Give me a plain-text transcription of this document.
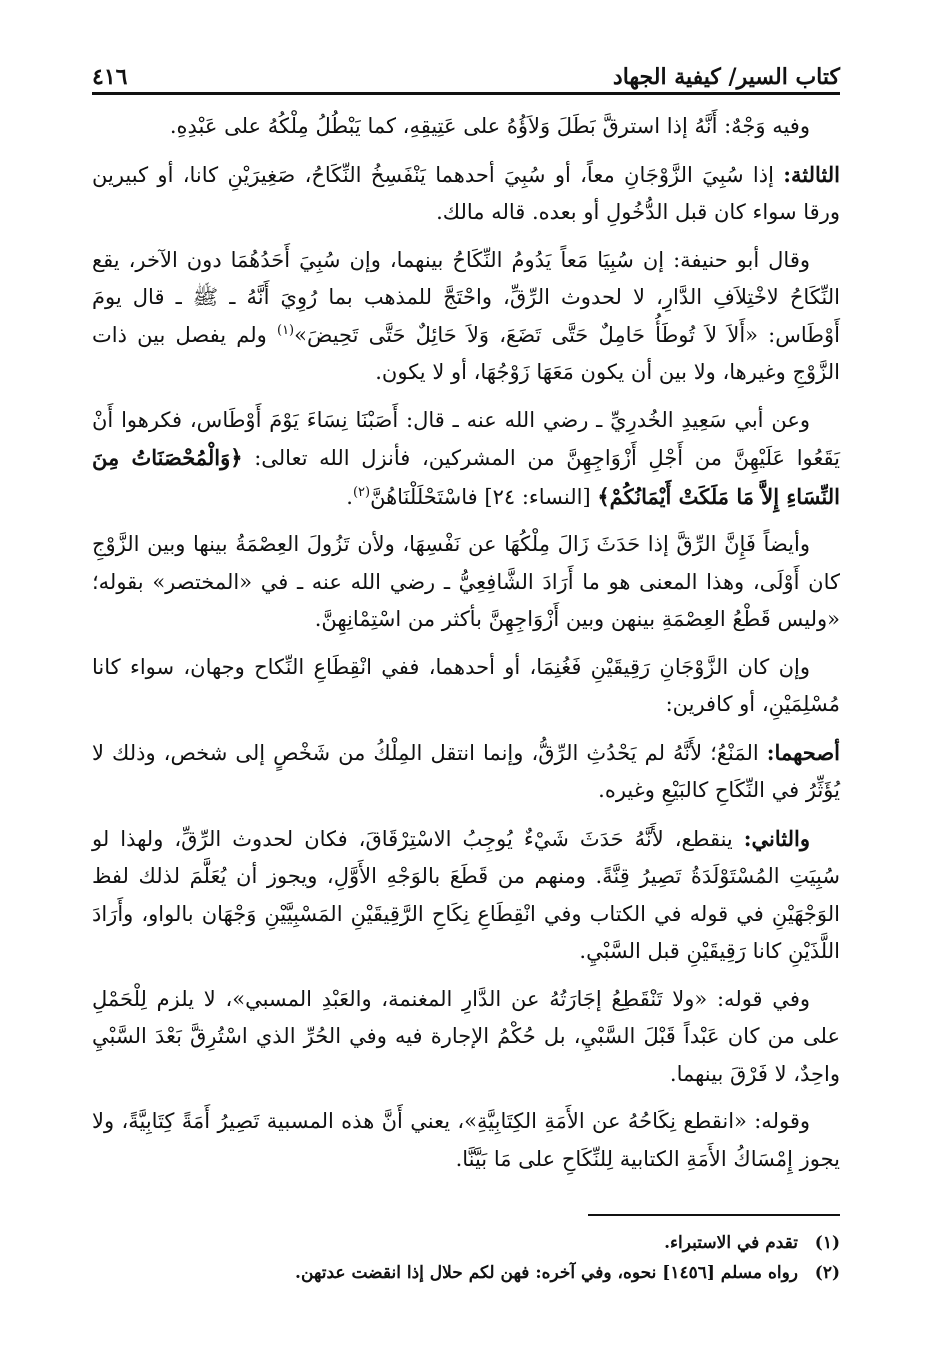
كتاب السير/ كيفية الجهاد
٤١٦

وفيه وَجْهٌ: أَنَّهُ إذا استرقَّ بَطَلَ وَلاَؤُهُ على عَتِيقِهِ، كما يَبْطُلُ مِلْكُهُ على عَبْدِهِ.

الثالثة: إذا سُبِيَ الزَّوْجَانِ معاً، أو سُبِيَ أحدهما يَنْفَسِخُ النِّكَاحُ، صَغِيرَيْنِ كانا، أو كبيرين ورقا سواء كان قبل الدُّخُولِ أو بعده. قاله مالك.

وقال أبو حنيفة: إن سُبِيَا مَعاً يَدُومُ النِّكَاحُ بينهما، وإن سُبِيَ أَحَدُهُمَا دون الآخر، يقع النِّكَاحُ لاخْتِلاَفِ الدَّارِ، لا لحدوث الرِّقِّ، واحْتَجَّ للمذهب بما رُوِيَ أَنَّهُ ـ ﷺ ـ قال يومَ أَوْطَاس: «أَلاَ لاَ تُوطَأُ حَامِلٌ حَتَّى تَضَعَ، وَلاَ حَائِلٌ حَتَّى تَحِيضَ»$^{(١)}$ ولم يفصل بين ذات الزَّوْجِ وغيرها، ولا بين أن يكون مَعَهَا زَوْجُهَا، أو لا يكون.

وعن أبي سَعِيدِ الخُدرِيِّ ـ رضي الله عنه ـ قال: أَصَبْنَا نِسَاءَ يَوْمَ أَوْطَاس، فكرهوا أَنْ يَقَعُوا عَلَيْهِنَّ من أَجْلِ أَزْوَاجِهِنَّ من المشركين، فأنزل الله تعالى: ﴿وَالْمُحْصَنَاتُ مِنَ النِّسَاءِ إِلاَّ مَا مَلَكَتْ أَيْمَانُكُمْ﴾ [النساء: ٢٤] فاسْتَحْلَلْنَاهُنَّ$^{(٢)}$.

وأيضاً فَإِنَّ الرِّقَّ إذا حَدَثَ زَالَ مِلْكُهَا عن نَفْسِهَا، ولأن تَزُولَ العِصْمَةُ بينها وبين الزَّوْجِ كان أَوْلَى، وهذا المعنى هو ما أَرَادَ الشَّافِعِيُّ ـ رضي الله عنه ـ في «المختصر» بقوله؛ «وليس قَطْعُ العِصْمَةِ بينهن وبين أَزْوَاجِهِنَّ بأكثر من اسْتِمْانِهِنَّ.

وإن كان الزَّوْجَانِ رَقِيقَيْنِ فَغُنِمَا، أو أحدهما، ففي انْقِطَاعِ النِّكاح وجهان، سواء كانا مُسْلِمَيْنِ، أو كافرين:

أصحهما: المَنْعُ؛ لأَنَّهُ لم يَحْدُثِ الرِّقُّ، وإنما انتقل المِلْكُ من شَخْصٍ إلى شخص، وذلك لا يُؤَثِّرُ في النِّكَاحِ كالبَيْعِ وغيره.

والثاني: ينقطع، لأَنَّهُ حَدَثَ شَيْءٌ يُوجِبُ الاسْتِرْقَاقَ، فكان لحدوث الرِّقِّ، ولهذا لو سُبِيَتِ المُسْتَوْلَدَةُ تَصِيرُ قِنَّةً. ومنهم من قَطَعَ بالوَجْهِ الأَوَّلِ، ويجوز أن يُعَلَّمَ لذلك لفظ الوَجْهَيْنِ في قوله في الكتاب وفي انْقِطَاعِ نِكَاحِ الرَّقِيقَيْنِ المَسْبِيَّيْنِ وَجْهَان بالواو، وأَرَادَ اللَّذَيْنِ كانا رَقِيقَيْنِ قبل السَّبْيِ.

وفي قوله: «ولا تَنْقَطِعُ إجَارَتُهُ عن الدَّارِ المغنمة، والعَبْدِ المسبي»، لا يلزم لِلْحَمْلِ على من كان عَبْداً قَبْلَ السَّبْيِ، بل حُكْمُ الإجارة فيه وفي الحُرِّ الذي اسْتُرِقَّ بَعْدَ السَّبْيِ واحِدٌ، لا فَرْقَ بينهما.

وقوله: «انقطع نِكَاحُهُ عن الأَمَةِ الكِتَابِيَّةِ»، يعني أَنَّ هذه المسبية تَصِيرُ أَمَةً كِتَابِيَّةً، ولا يجوز إِمْسَاكُ الأَمَةِ الكتابية لِلنِّكَاحِ على مَا بَيَّنَّا.

(١)
تقدم في الاستبراء.
(٢)
رواه مسلم [١٤٥٦] نحوه، وفي آخره: فهن لكم حلال إذا انقضت عدتهن.
